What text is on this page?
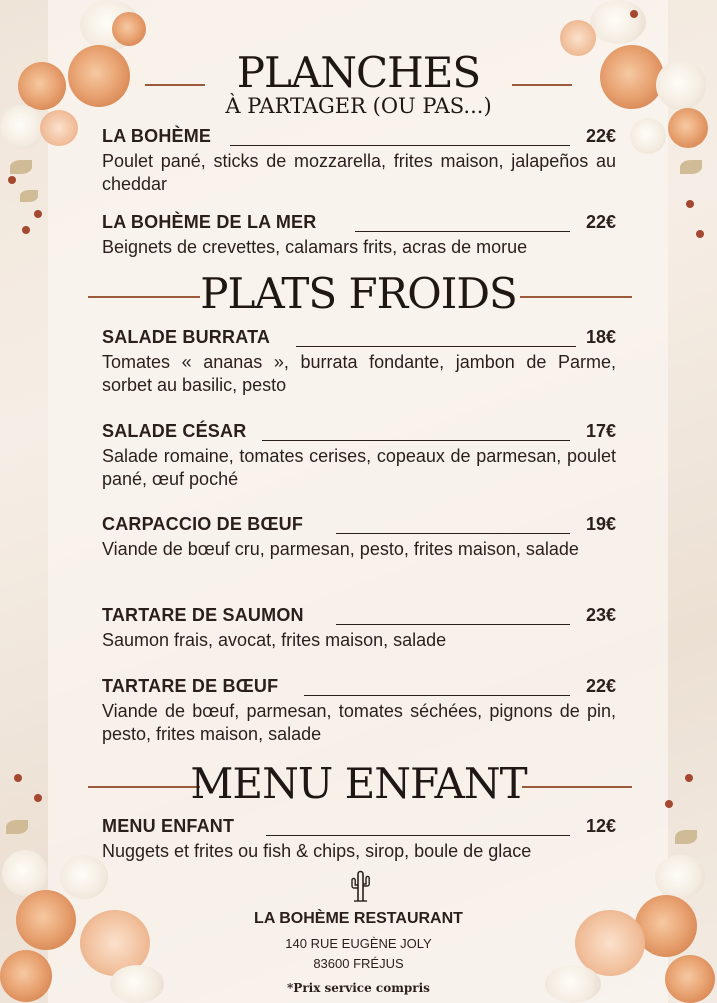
PLANCHES
À PARTAGER (OU PAS...)
LA BOHÈME	22€
Poulet pané, sticks de mozzarella, frites maison, jalapeños au cheddar
LA BOHÈME DE LA MER	22€
Beignets de crevettes, calamars frits, acras de morue
PLATS FROIDS
SALADE BURRATA	18€
Tomates « ananas », burrata fondante, jambon de Parme, sorbet au basilic, pesto
SALADE CÉSAR	17€
Salade romaine, tomates cerises, copeaux de parmesan, poulet pané, œuf poché
CARPACCIO DE BŒUF	19€
Viande de bœuf cru, parmesan, pesto, frites maison, salade
TARTARE DE SAUMON	23€
Saumon frais, avocat, frites maison, salade
TARTARE DE BŒUF	22€
Viande de bœuf, parmesan, tomates séchées, pignons de pin, pesto, frites maison, salade
MENU ENFANT
MENU ENFANT	12€
Nuggets et frites ou fish & chips, sirop, boule de glace
LA BOHÈME RESTAURANT
140 RUE EUGÈNE JOLY
83600 FRÉJUS
*Prix service compris
